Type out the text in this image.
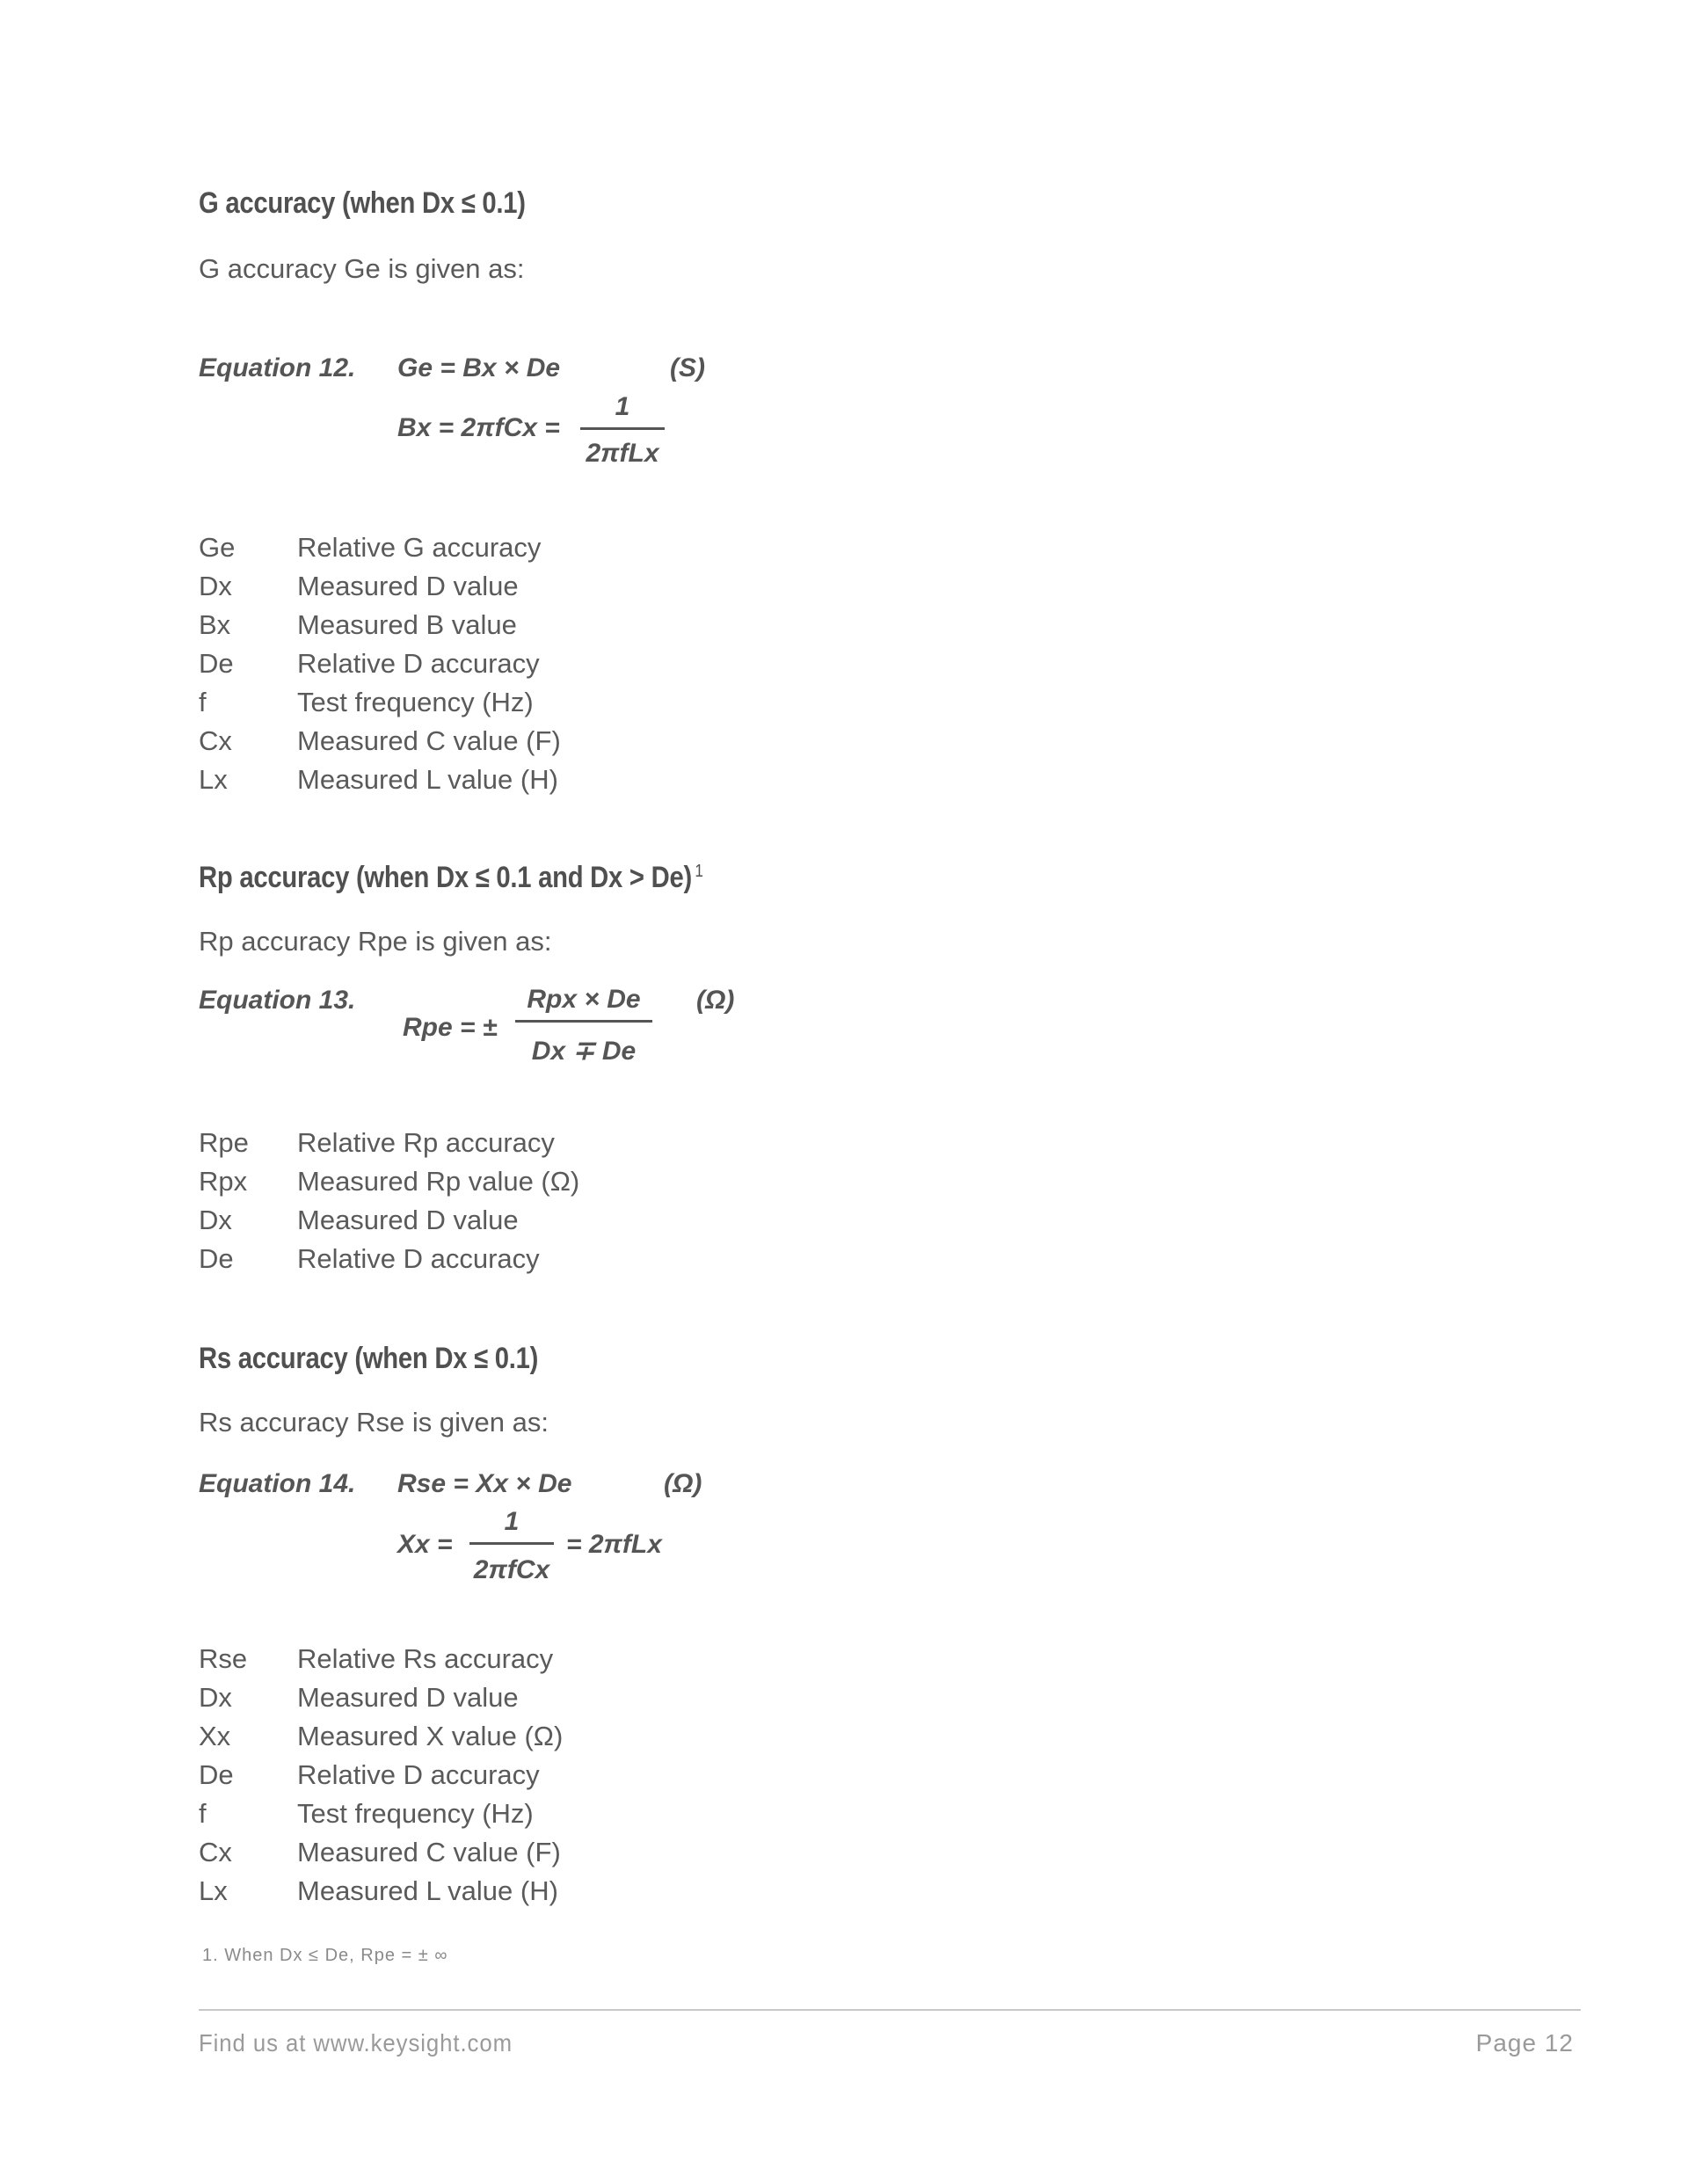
G accuracy (when Dx ≤ 0.1)
G accuracy Ge is given as:
Equation 12. Ge = Bx × De	(S)
Bx = 2πfCx =
1
2πfLx
Ge	Relative G accuracy
Dx	Measured D value
Bx	Measured B value
De	Relative D accuracy
f	Test frequency (Hz)
Cx	Measured C value (F)
Lx	Measured L value (H)
Rp accuracy (when Dx ≤ 0.1 and Dx > De) $^1$
Rp accuracy Rpe is given as:
Equation 13.
Rpe = ±
Rpx × De
Dx ∓ De
(Ω)
Rpe	Relative Rp accuracy
Rpx	Measured Rp value (Ω)
Dx	Measured D value
De	Relative D accuracy
Rs accuracy (when Dx ≤ 0.1)
Rs accuracy Rse is given as:
Equation 14. Rse = Xx × De	(Ω)
Xx =
1
2πfCx
= 2πfLx
Rse	Relative Rs accuracy
Dx	Measured D value
Xx	Measured X value (Ω)
De	Relative D accuracy
f	Test frequency (Hz)
Cx	Measured C value (F)
Lx	Measured L value (H)
1. When Dx ≤ De, Rpe = ± ∞
Find us at www.keysight.com	Page 12
